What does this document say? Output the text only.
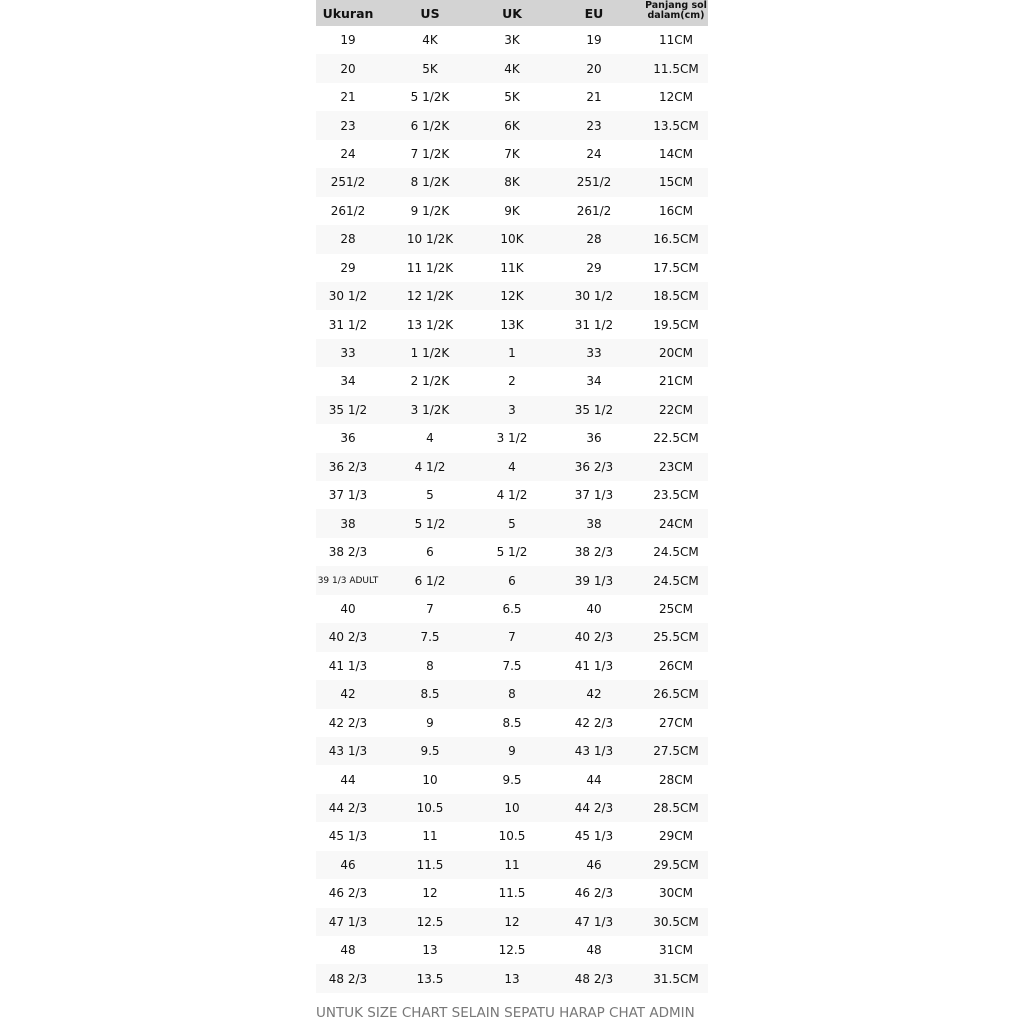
Ukuran	US	UK	EU	Panjang sol dalam(cm)
19	4K	3K	19	11CM
20	5K	4K	20	11.5CM
21	5 1/2K	5K	21	12CM
23	6 1/2K	6K	23	13.5CM
24	7 1/2K	7K	24	14CM
251/2	8 1/2K	8K	251/2	15CM
261/2	9 1/2K	9K	261/2	16CM
28	10 1/2K	10K	28	16.5CM
29	11 1/2K	11K	29	17.5CM
30 1/2	12 1/2K	12K	30 1/2	18.5CM
31 1/2	13 1/2K	13K	31 1/2	19.5CM
33	1 1/2K	1	33	20CM
34	2 1/2K	2	34	21CM
35 1/2	3 1/2K	3	35 1/2	22CM
36	4	3 1/2	36	22.5CM
36 2/3	4 1/2	4	36 2/3	23CM
37 1/3	5	4 1/2	37 1/3	23.5CM
38	5 1/2	5	38	24CM
38 2/3	6	5 1/2	38 2/3	24.5CM
39 1/3 ADULT	6 1/2	6	39 1/3	24.5CM
40	7	6.5	40	25CM
40 2/3	7.5	7	40 2/3	25.5CM
41 1/3	8	7.5	41 1/3	26CM
42	8.5	8	42	26.5CM
42 2/3	9	8.5	42 2/3	27CM
43 1/3	9.5	9	43 1/3	27.5CM
44	10	9.5	44	28CM
44 2/3	10.5	10	44 2/3	28.5CM
45 1/3	11	10.5	45 1/3	29CM
46	11.5	11	46	29.5CM
46 2/3	12	11.5	46 2/3	30CM
47 1/3	12.5	12	47 1/3	30.5CM
48	13	12.5	48	31CM
48 2/3	13.5	13	48 2/3	31.5CM
UNTUK SIZE CHART SELAIN SEPATU HARAP CHAT ADMIN
